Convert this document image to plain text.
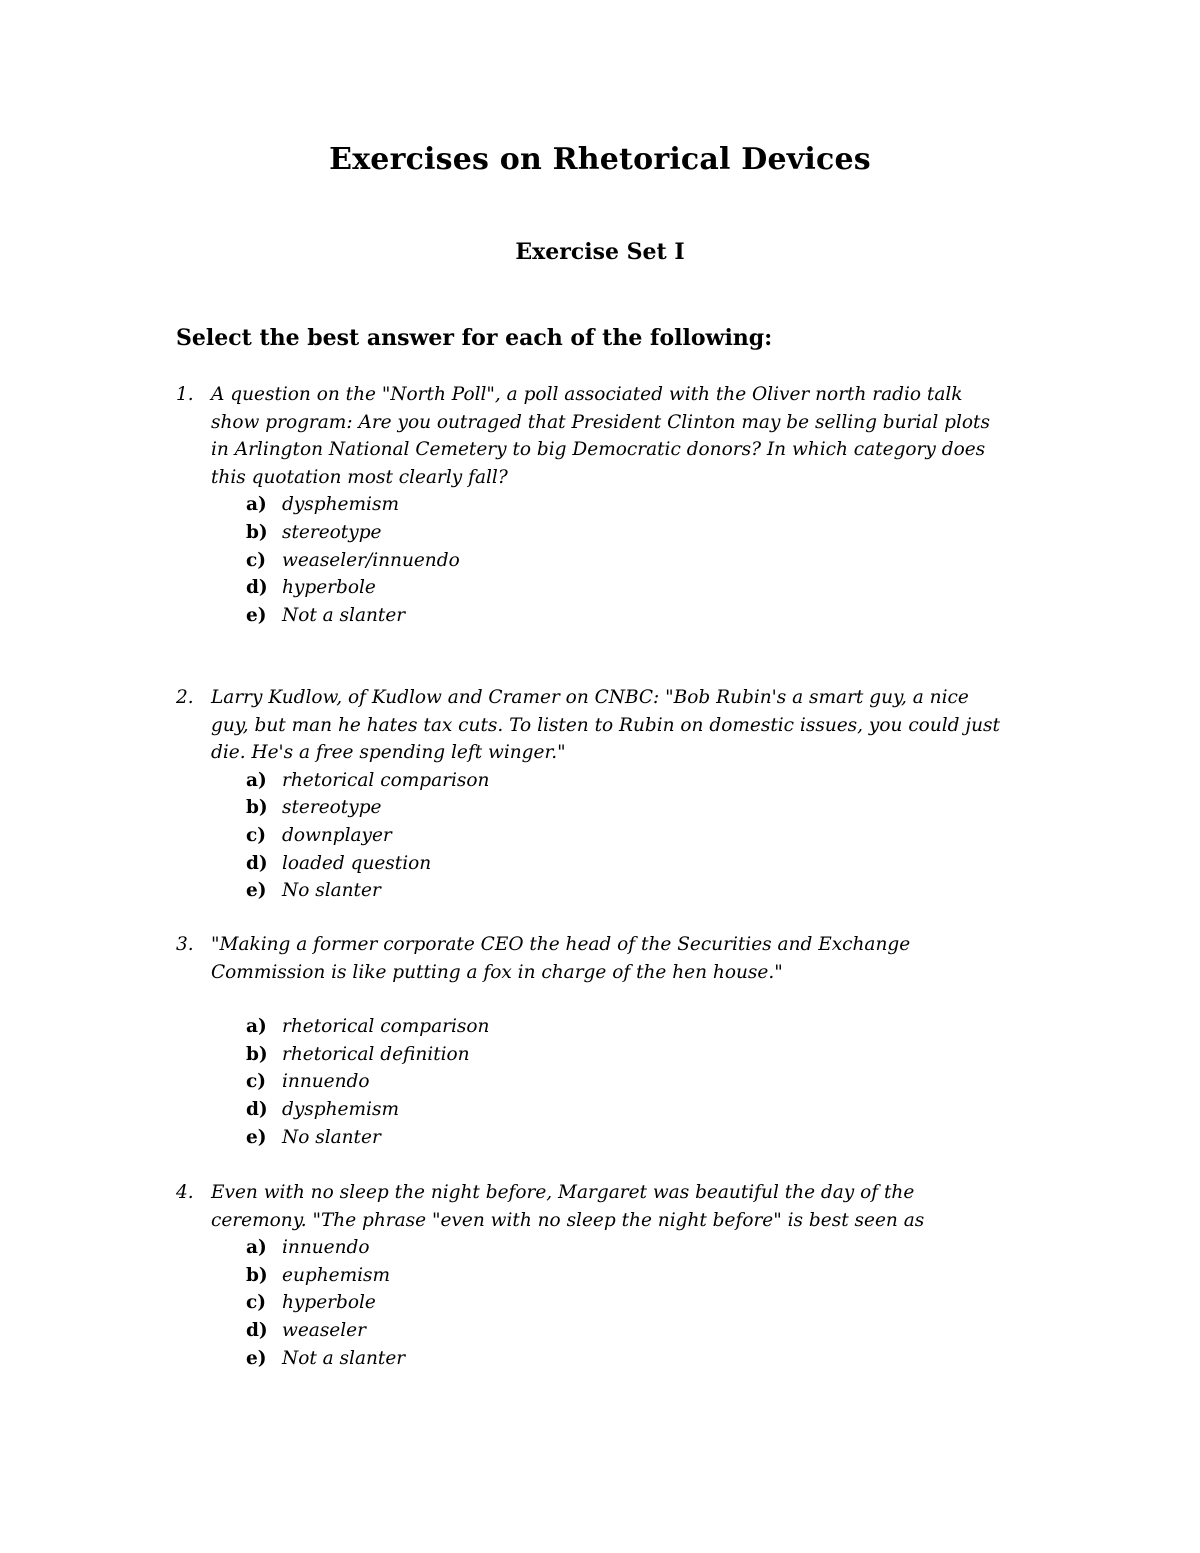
Exercises on Rhetorical Devices
Exercise Set I
Select the best answer for each of the following:
1. A question on the "North Poll", a poll associated with the Oliver north radio talk
show program: Are you outraged that President Clinton may be selling burial plots
in Arlington National Cemetery to big Democratic donors? In which category does
this quotation most clearly fall?
a) dysphemism
b) stereotype
c) weaseler/innuendo
d) hyperbole
e) Not a slanter
2. Larry Kudlow, of Kudlow and Cramer on CNBC: "Bob Rubin's a smart guy, a nice
guy, but man he hates tax cuts. To listen to Rubin on domestic issues, you could just
die. He's a free spending left winger."
a) rhetorical comparison
b) stereotype
c) downplayer
d) loaded question
e) No slanter
3. "Making a former corporate CEO the head of the Securities and Exchange
Commission is like putting a fox in charge of the hen house."
a) rhetorical comparison
b) rhetorical definition
c) innuendo
d) dysphemism
e) No slanter
4. Even with no sleep the night before, Margaret was beautiful the day of the
ceremony. "The phrase "even with no sleep the night before" is best seen as
a) innuendo
b) euphemism
c) hyperbole
d) weaseler
e) Not a slanter
